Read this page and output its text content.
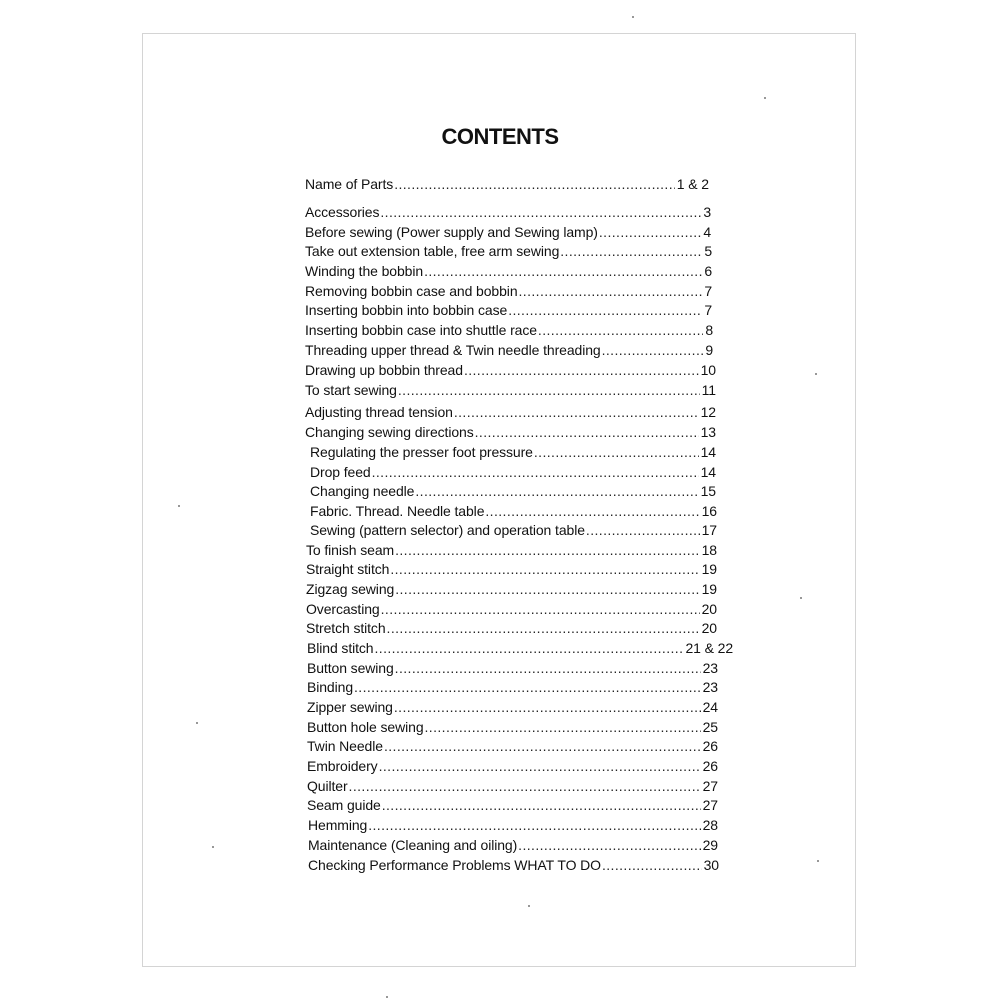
CONTENTS
Name of Parts .....	1 & 2
Accessories .....	3
Before sewing (Power supply and Sewing lamp) .....	4
Take out extension table, free arm sewing .....	5
Winding the bobbin .....	6
Removing bobbin case and bobbin .....	7
Inserting bobbin into bobbin case .....	7
Inserting bobbin case into shuttle race .....	8
Threading upper thread & Twin needle threading .....	9
Drawing up bobbin thread .....	10
To start sewing .....	11
Adjusting thread tension .....	12
Changing sewing directions .....	13
Regulating the presser foot pressure .....	14
Drop feed .....	14
Changing needle .....	15
Fabric. Thread. Needle table .....	16
Sewing (pattern selector) and operation table .....	17
To finish seam .....	18
Straight stitch .....	19
Zigzag sewing .....	19
Overcasting .....	20
Stretch stitch .....	20
Blind stitch .....	21 & 22
Button sewing .....	23
Binding .....	23
Zipper sewing .....	24
Button hole sewing .....	25
Twin Needle .....	26
Embroidery .....	26
Quilter .....	27
Seam guide .....	27
Hemming .....	28
Maintenance (Cleaning and oiling) .....	29
Checking Performance Problems WHAT TO DO .....	30
